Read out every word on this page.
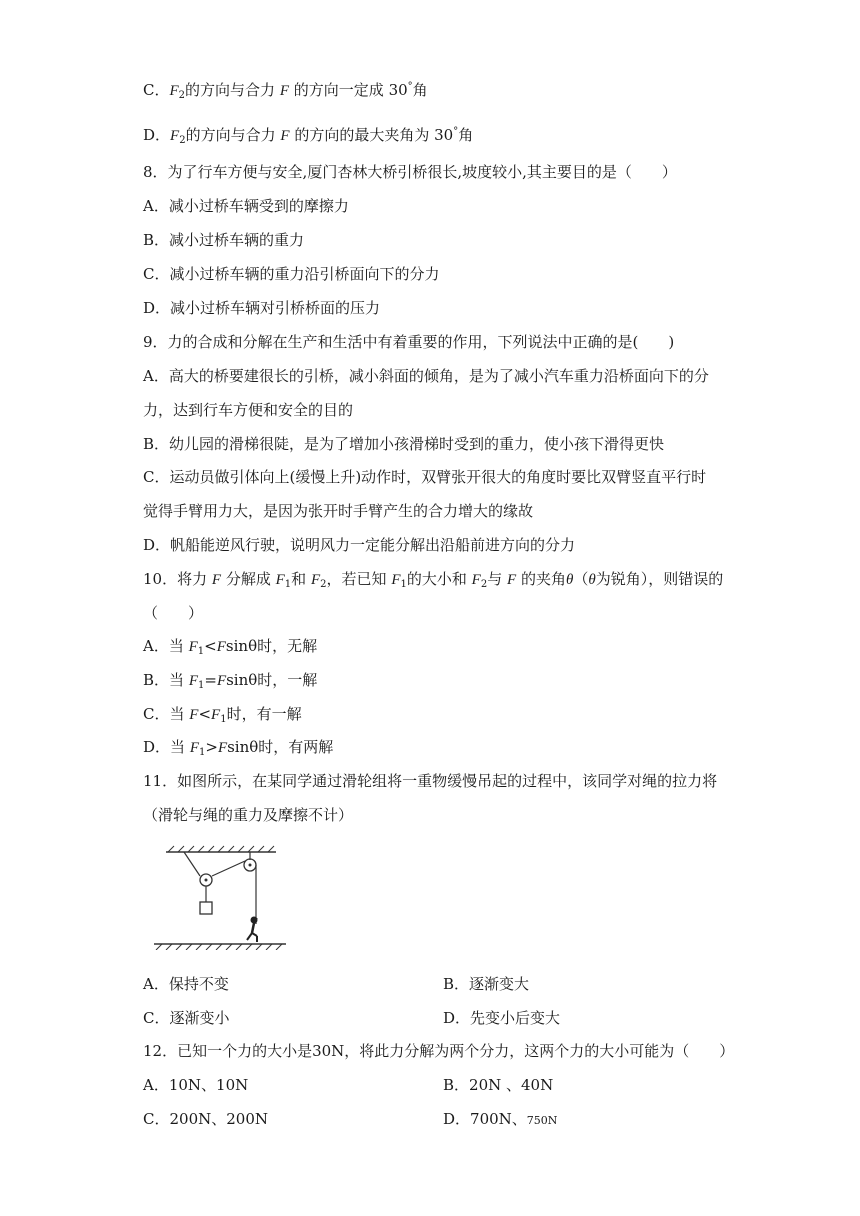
C．$F_2$的方向与合力 F 的方向一定成 30°角
D．$F_2$的方向与合力 F 的方向的最大夹角为 30°角
8．为了行车方便与安全,厦门杏林大桥引桥很长,坡度较小,其主要目的是（　　）
A．减小过桥车辆受到的摩擦力
B．减小过桥车辆的重力
C．减小过桥车辆的重力沿引桥面向下的分力
D．减小过桥车辆对引桥桥面的压力
9．力的合成和分解在生产和生活中有着重要的作用，下列说法中正确的是(　　)
A．高大的桥要建很长的引桥，减小斜面的倾角，是为了减小汽车重力沿桥面向下的分
力，达到行车方便和安全的目的
B．幼儿园的滑梯很陡，是为了增加小孩滑梯时受到的重力，使小孩下滑得更快
C．运动员做引体向上(缓慢上升)动作时，双臂张开很大的角度时要比双臂竖直平行时
觉得手臂用力大，是因为张开时手臂产生的合力增大的缘故
D．帆船能逆风行驶，说明风力一定能分解出沿船前进方向的分力
10．将力 F 分解成 $F_1$和 $F_2$，若已知 $F_1$的大小和 $F_2$与 F 的夹角θ（θ为锐角），则错误的
（　　）
A．当 $F_1<Fsin\theta$时，无解
B．当 $F_1=Fsin\theta$时，一解
C．当 $F<F_1$时，有一解
D．当 $F_1>Fsin\theta$时，有两解
11．如图所示，在某同学通过滑轮组将一重物缓慢吊起的过程中，该同学对绳的拉力将
（滑轮与绳的重力及摩擦不计）
A．保持不变	B．逐渐变大
C．逐渐变小	D．先变小后变大
12．已知一个力的大小是30N，将此力分解为两个分力，这两个力的大小可能为（　　）
A．10N、10N	B．20N 、40N
C．200N、200N	D．700N、750N
